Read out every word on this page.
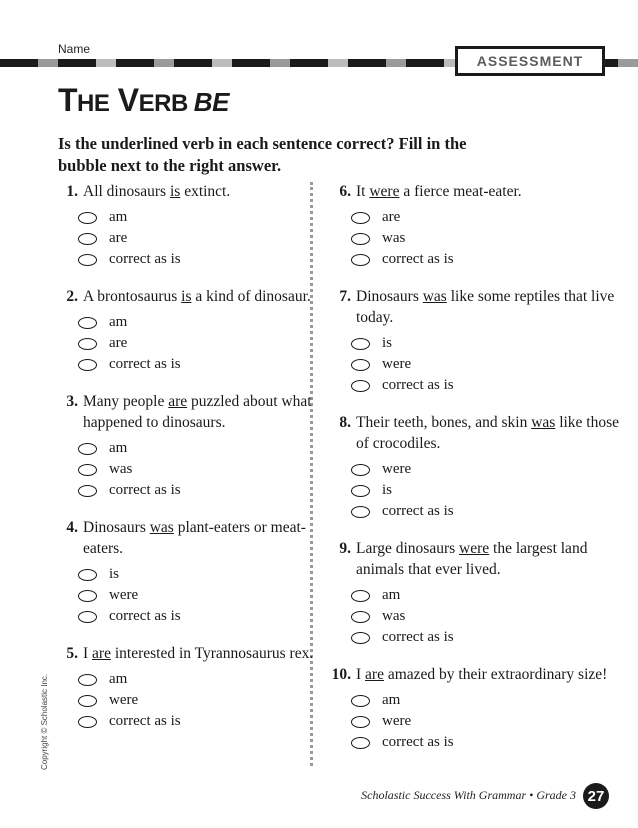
Name
ASSESSMENT
THE VERB BE
Is the underlined verb in each sentence correct? Fill in the bubble next to the right answer.
1. All dinosaurs is extinct.
am
are
correct as is
2. A brontosaurus is a kind of dinosaur.
am
are
correct as is
3. Many people are puzzled about what happened to dinosaurs.
am
was
correct as is
4. Dinosaurs was plant-eaters or meat-eaters.
is
were
correct as is
5. I are interested in Tyrannosaurus rex.
am
were
correct as is
6. It were a fierce meat-eater.
are
was
correct as is
7. Dinosaurs was like some reptiles that live today.
is
were
correct as is
8. Their teeth, bones, and skin was like those of crocodiles.
were
is
correct as is
9. Large dinosaurs were the largest land animals that ever lived.
am
was
correct as is
10. I are amazed by their extraordinary size!
am
were
correct as is
Copyright © Scholastic Inc.
Scholastic Success With Grammar • Grade 3 27
